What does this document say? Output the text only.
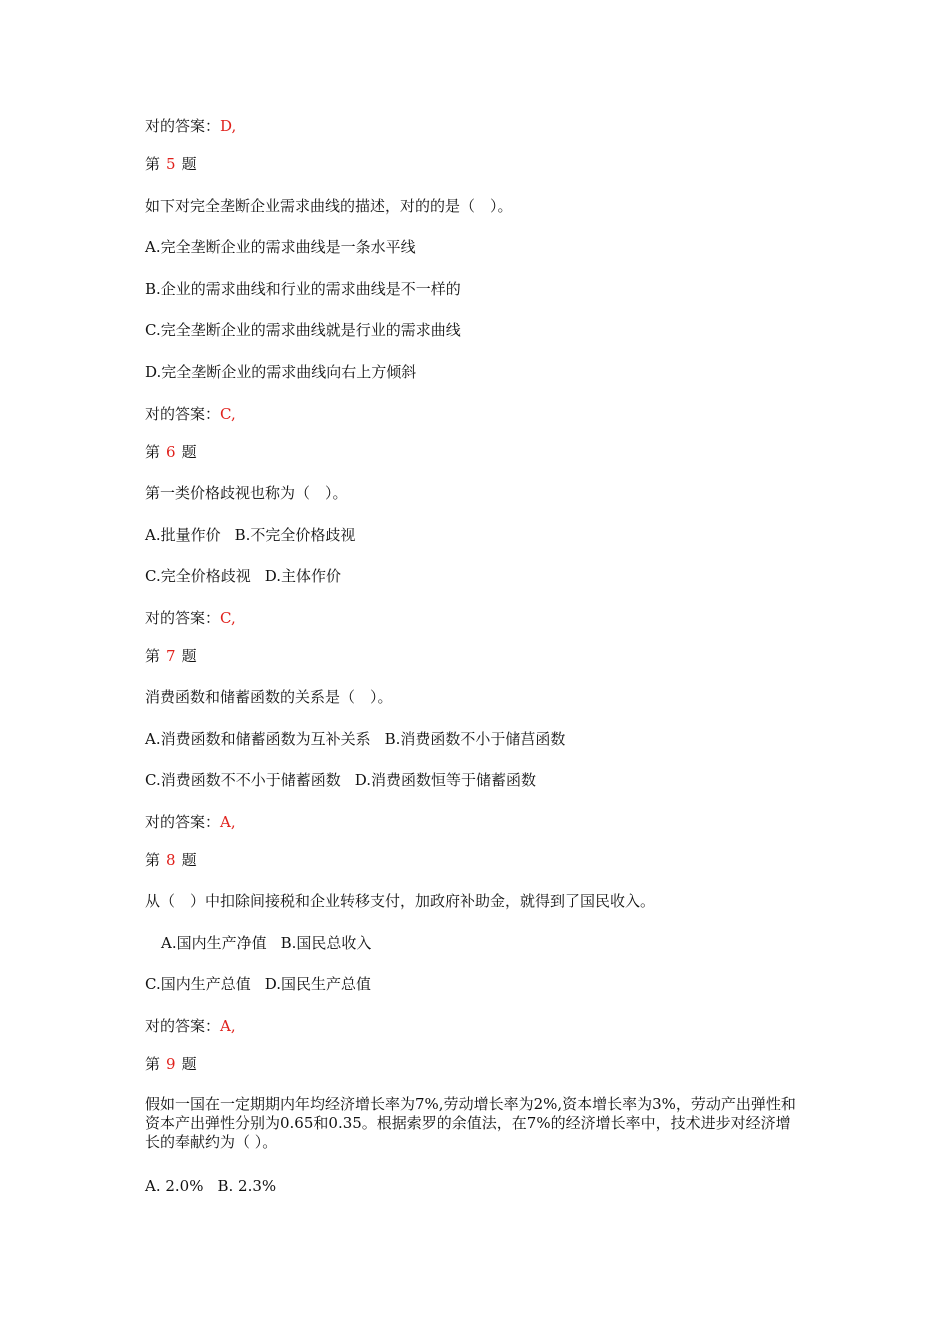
对的答案：D,
第 5 题
如下对完全垄断企业需求曲线的描述，对的的是（　）。
A.完全垄断企业的需求曲线是一条水平线
B.企业的需求曲线和行业的需求曲线是不一样的
C.完全垄断企业的需求曲线就是行业的需求曲线
D.完全垄断企业的需求曲线向右上方倾斜
对的答案：C,
第 6 题
第一类价格歧视也称为（　）。
A.批量作价 B.不完全价格歧视
C.完全价格歧视 D.主体作价
对的答案：C,
第 7 题
消费函数和储蓄函数的关系是（　）。
A.消费函数和储蓄函数为互补关系 B.消费函数不小于储莒函数
C.消费函数不不小于储蓄函数 D.消费函数恒等于储蓄函数
对的答案：A,
第 8 题
从（　）中扣除间接税和企业转移支付，加政府补助金，就得到了国民收入。
A.国内生产净值 B.国民总收入
C.国内生产总值 D.国民生产总值
对的答案：A,
第 9 题
假如一国在一定期期内年均经济增长率为7%,劳动增长率为2%,资本增长率为3%，劳动产出弹性和资本产出弹性分别为0.65和0.35。根据索罗的余值法，在7%的经济增长率中，技术进步对经济增长的奉献约为（ ）。
A. 2.0% B. 2.3%
